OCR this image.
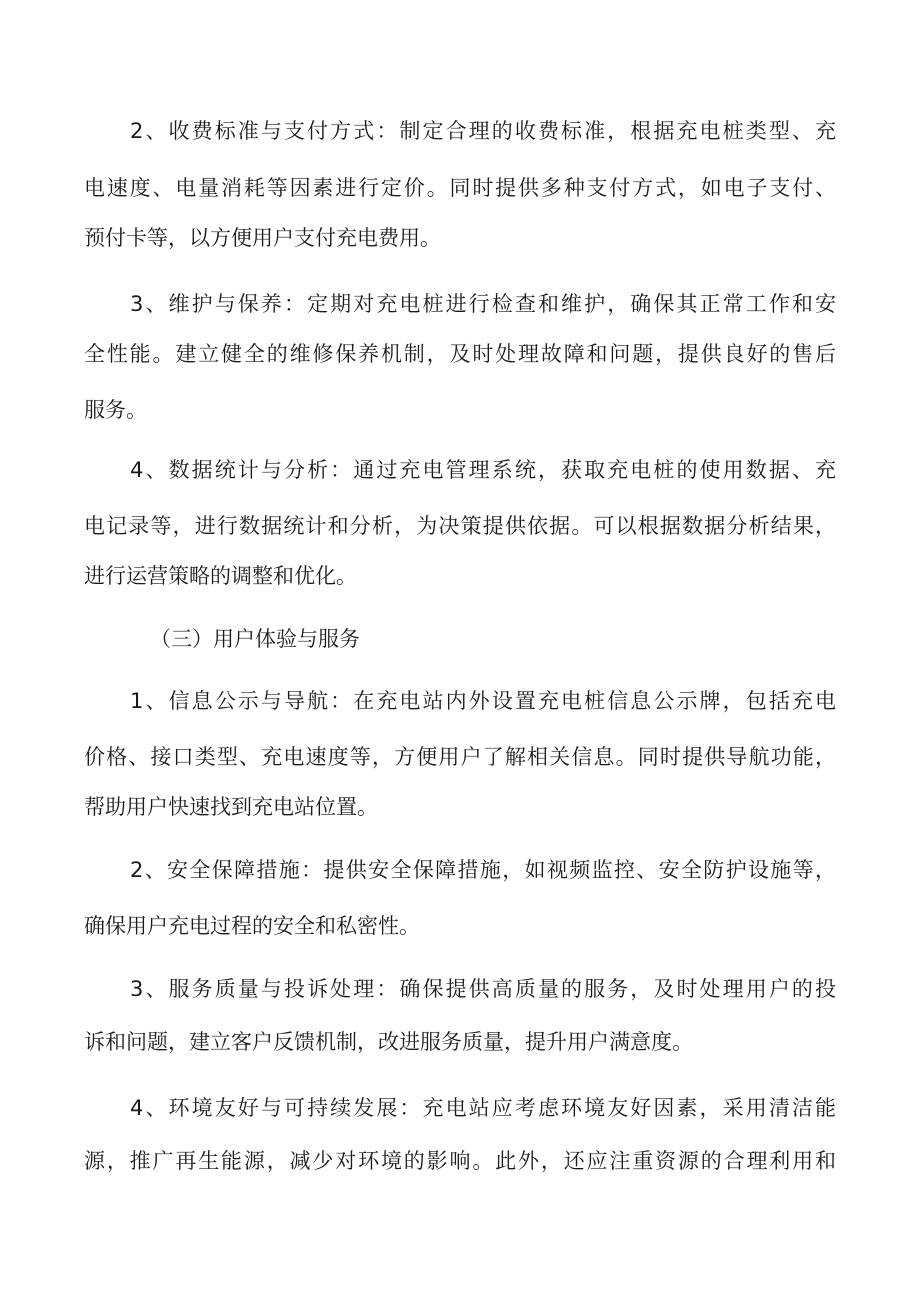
2、收费标准与支付方式：制定合理的收费标准，根据充电桩类型、充
电速度、电量消耗等因素进行定价。同时提供多种支付方式，如电子支付、
预付卡等，以方便用户支付充电费用。
3、维护与保养：定期对充电桩进行检查和维护，确保其正常工作和安
全性能。建立健全的维修保养机制，及时处理故障和问题，提供良好的售后
服务。
4、数据统计与分析：通过充电管理系统，获取充电桩的使用数据、充
电记录等，进行数据统计和分析，为决策提供依据。可以根据数据分析结果，
进行运营策略的调整和优化。
（三）用户体验与服务
1、信息公示与导航：在充电站内外设置充电桩信息公示牌，包括充电
价格、接口类型、充电速度等，方便用户了解相关信息。同时提供导航功能，
帮助用户快速找到充电站位置。
2、安全保障措施：提供安全保障措施，如视频监控、安全防护设施等，
确保用户充电过程的安全和私密性。
3、服务质量与投诉处理：确保提供高质量的服务，及时处理用户的投
诉和问题，建立客户反馈机制，改进服务质量，提升用户满意度。
4、环境友好与可持续发展：充电站应考虑环境友好因素，采用清洁能
源，推广再生能源，减少对环境的影响。此外，还应注重资源的合理利用和
